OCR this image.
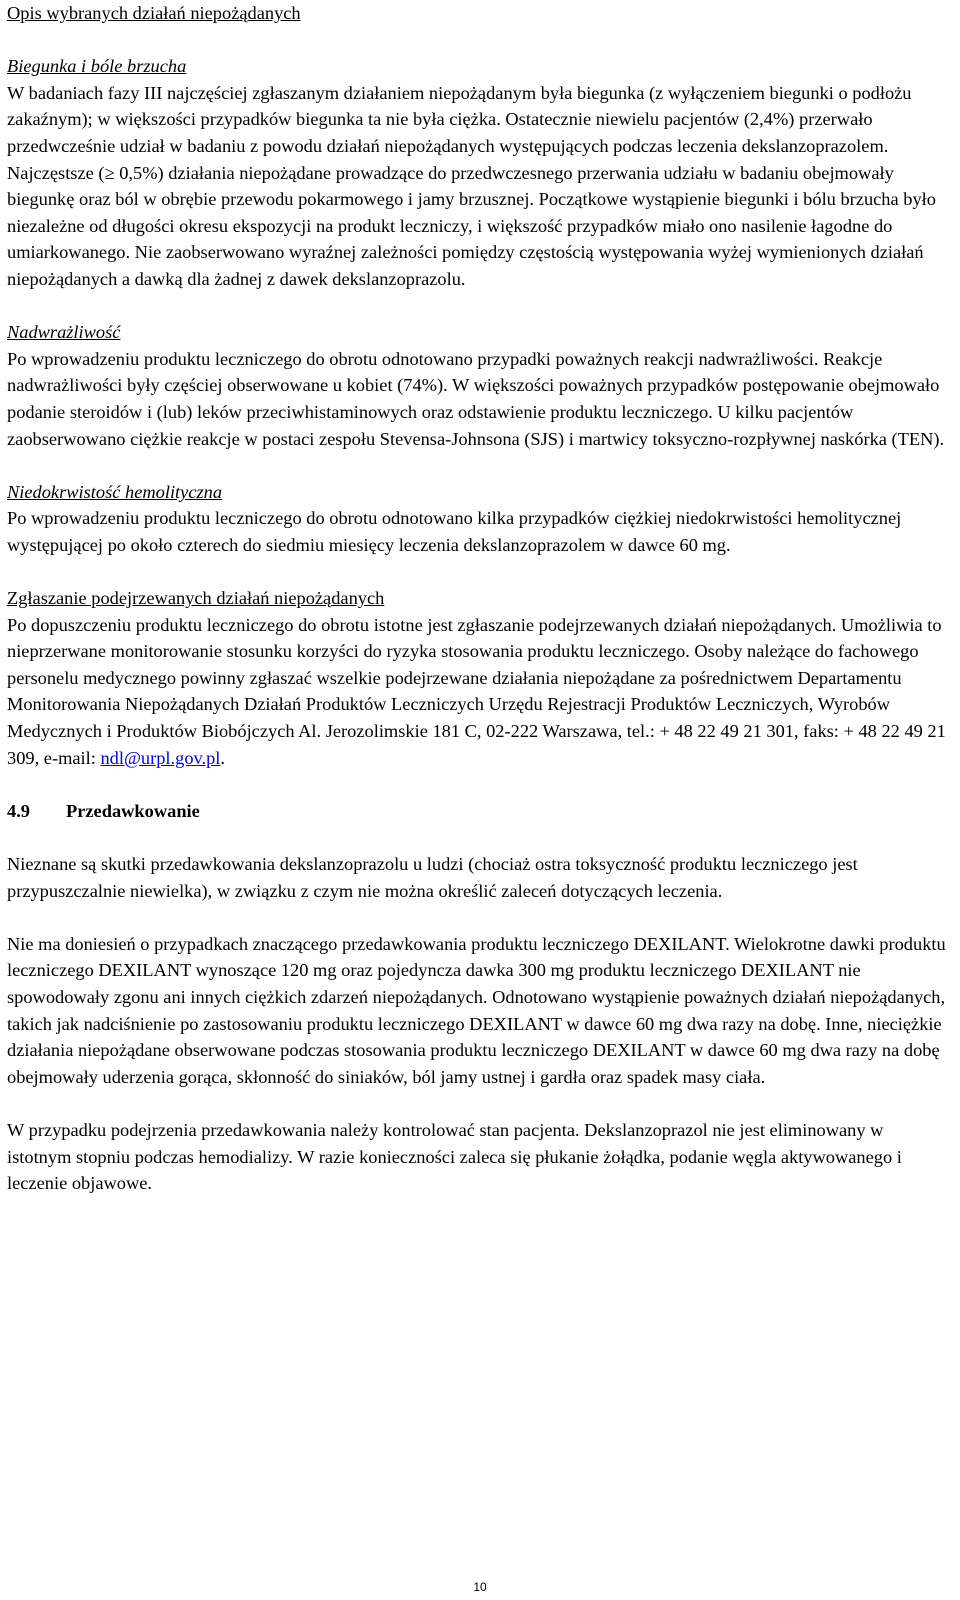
Opis wybranych działań niepożądanych

Biegunka i bóle brzucha

W badaniach fazy III najczęściej zgłaszanym działaniem niepożądanym była biegunka (z wyłączeniem biegunki o podłożu zakaźnym); w większości przypadków biegunka ta nie była ciężka. Ostatecznie niewielu pacjentów (2,4%) przerwało przedwcześnie udział w badaniu z powodu działań niepożądanych występujących podczas leczenia dekslanzoprazolem. Najczęstsze (≥ 0,5%) działania niepożądane prowadzące do przedwczesnego przerwania udziału w badaniu obejmowały biegunkę oraz ból w obrębie przewodu pokarmowego i jamy brzusznej. Początkowe wystąpienie biegunki i bólu brzucha było niezależne od długości okresu ekspozycji na produkt leczniczy, i większość przypadków miało ono nasilenie łagodne do umiarkowanego. Nie zaobserwowano wyraźnej zależności pomiędzy częstością występowania wyżej wymienionych działań niepożądanych a dawką dla żadnej z dawek dekslanzoprazolu.

Nadwrażliwość

Po wprowadzeniu produktu leczniczego do obrotu odnotowano przypadki poważnych reakcji nadwrażliwości. Reakcje nadwrażliwości były częściej obserwowane u kobiet (74%). W większości poważnych przypadków postępowanie obejmowało podanie steroidów i (lub) leków przeciwhistaminowych oraz odstawienie produktu leczniczego. U kilku pacjentów zaobserwowano ciężkie reakcje w postaci zespołu Stevensa-Johnsona (SJS) i martwicy toksyczno-rozpływnej naskórka (TEN).

Niedokrwistość hemolityczna

Po wprowadzeniu produktu leczniczego do obrotu odnotowano kilka przypadków ciężkiej niedokrwistości hemolitycznej występującej po około czterech do siedmiu miesięcy leczenia dekslanzoprazolem w dawce 60 mg.

Zgłaszanie podejrzewanych działań niepożądanych

Po dopuszczeniu produktu leczniczego do obrotu istotne jest zgłaszanie podejrzewanych działań niepożądanych. Umożliwia to nieprzerwane monitorowanie stosunku korzyści do ryzyka stosowania produktu leczniczego. Osoby należące do fachowego personelu medycznego powinny zgłaszać wszelkie podejrzewane działania niepożądane za pośrednictwem Departamentu Monitorowania Niepożądanych Działań Produktów Leczniczych Urzędu Rejestracji Produktów Leczniczych, Wyrobów Medycznych i Produktów Biobójczych Al. Jerozolimskie 181 C, 02-222 Warszawa, tel.: + 48 22 49 21 301, faks: + 48 22 49 21 309, e-mail: ndl@urpl.gov.pl.

4.9	Przedawkowanie

Nieznane są skutki przedawkowania dekslanzoprazolu u ludzi (chociaż ostra toksyczność produktu leczniczego jest przypuszczalnie niewielka), w związku z czym nie można określić zaleceń dotyczących leczenia.

Nie ma doniesień o przypadkach znaczącego przedawkowania produktu leczniczego DEXILANT. Wielokrotne dawki produktu leczniczego DEXILANT wynoszące 120 mg oraz pojedyncza dawka 300 mg produktu leczniczego DEXILANT nie spowodowały zgonu ani innych ciężkich zdarzeń niepożądanych. Odnotowano wystąpienie poważnych działań niepożądanych, takich jak nadciśnienie po zastosowaniu produktu leczniczego DEXILANT w dawce 60 mg dwa razy na dobę. Inne, nieciężkie działania niepożądane obserwowane podczas stosowania produktu leczniczego DEXILANT w dawce 60 mg dwa razy na dobę obejmowały uderzenia gorąca, skłonność do siniaków, ból jamy ustnej i gardła oraz spadek masy ciała.

W przypadku podejrzenia przedawkowania należy kontrolować stan pacjenta. Dekslanzoprazol nie jest eliminowany w istotnym stopniu podczas hemodializy. W razie konieczności zaleca się płukanie żołądka, podanie węgla aktywowanego i leczenie objawowe.

10
